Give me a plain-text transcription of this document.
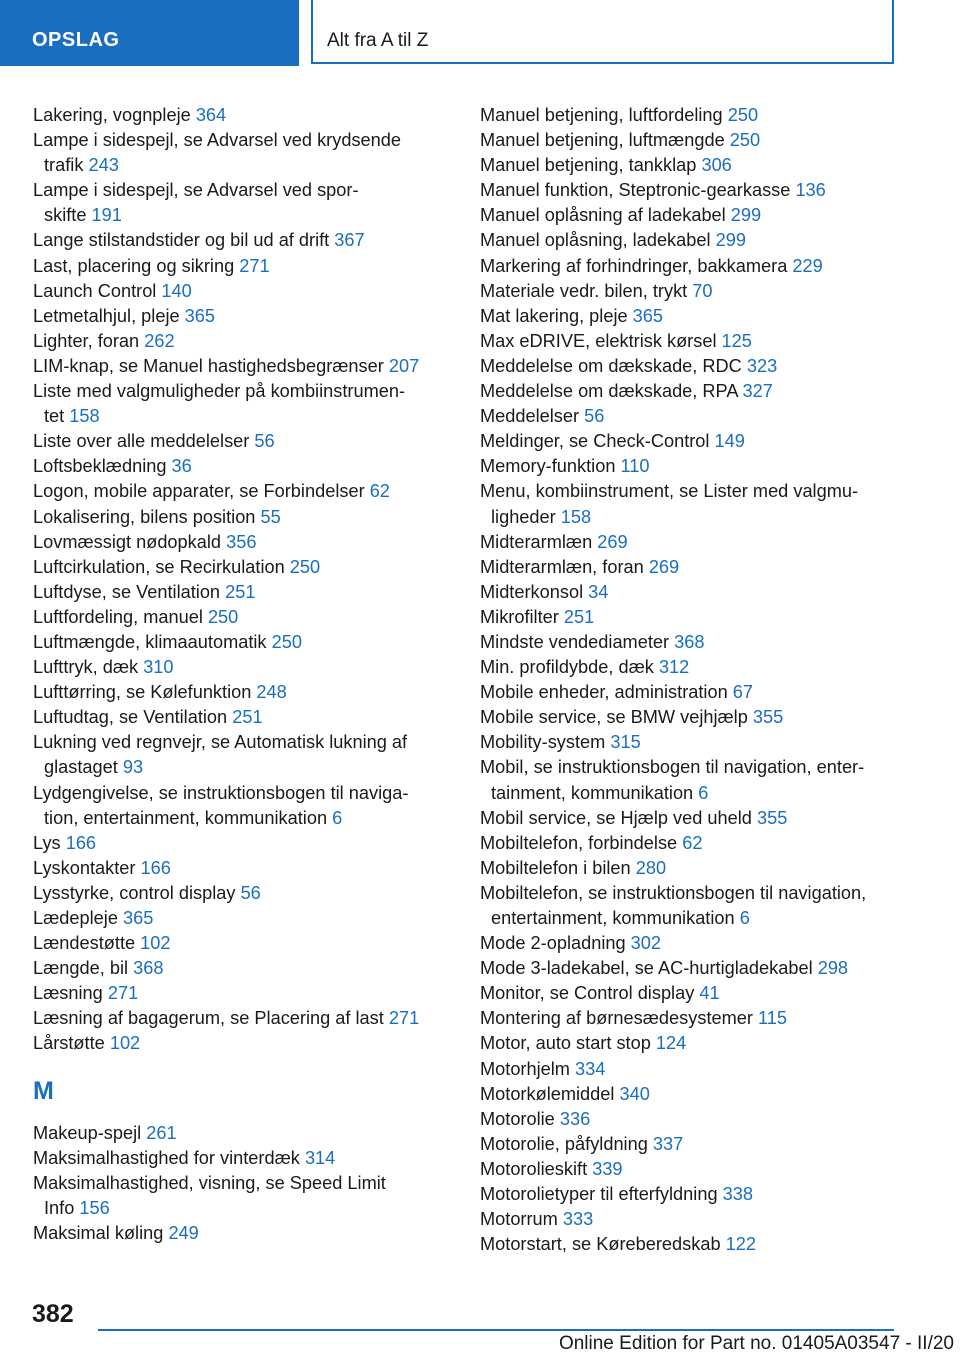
OPSLAG	Alt fra A til Z
Lakering, vognpleje 364
Lampe i sidespejl, se Advarsel ved krydsende
trafik 243
Lampe i sidespejl, se Advarsel ved spor-
skifte 191
Lange stilstandstider og bil ud af drift 367
Last, placering og sikring 271
Launch Control 140
Letmetalhjul, pleje 365
Lighter, foran 262
LIM-knap, se Manuel hastighedsbegrænser 207
Liste med valgmuligheder på kombiinstrumen-
tet 158
Liste over alle meddelelser 56
Loftsbeklædning 36
Logon, mobile apparater, se Forbindelser 62
Lokalisering, bilens position 55
Lovmæssigt nødopkald 356
Luftcirkulation, se Recirkulation 250
Luftdyse, se Ventilation 251
Luftfordeling, manuel 250
Luftmængde, klimaautomatik 250
Lufttryk, dæk 310
Lufttørring, se Kølefunktion 248
Luftudtag, se Ventilation 251
Lukning ved regnvejr, se Automatisk lukning af
glastaget 93
Lydgengivelse, se instruktionsbogen til naviga-
tion, entertainment, kommunikation 6
Lys 166
Lyskontakter 166
Lysstyrke, control display 56
Lædepleje 365
Lændestøtte 102
Længde, bil 368
Læsning 271
Læsning af bagagerum, se Placering af last 271
Lårstøtte 102
M
Makeup-spejl 261
Maksimalhastighed for vinterdæk 314
Maksimalhastighed, visning, se Speed Limit
Info 156
Maksimal køling 249
Manuel betjening, luftfordeling 250
Manuel betjening, luftmængde 250
Manuel betjening, tankklap 306
Manuel funktion, Steptronic-gearkasse 136
Manuel oplåsning af ladekabel 299
Manuel oplåsning, ladekabel 299
Markering af forhindringer, bakkamera 229
Materiale vedr. bilen, trykt 70
Mat lakering, pleje 365
Max eDRIVE, elektrisk kørsel 125
Meddelelse om dækskade, RDC 323
Meddelelse om dækskade, RPA 327
Meddelelser 56
Meldinger, se Check-Control 149
Memory-funktion 110
Menu, kombiinstrument, se Lister med valgmu-
ligheder 158
Midterarmlæn 269
Midterarmlæn, foran 269
Midterkonsol 34
Mikrofilter 251
Mindste vendediameter 368
Min. profildybde, dæk 312
Mobile enheder, administration 67
Mobile service, se BMW vejhjælp 355
Mobility-system 315
Mobil, se instruktionsbogen til navigation, enter-
tainment, kommunikation 6
Mobil service, se Hjælp ved uheld 355
Mobiltelefon, forbindelse 62
Mobiltelefon i bilen 280
Mobiltelefon, se instruktionsbogen til navigation,
entertainment, kommunikation 6
Mode 2-opladning 302
Mode 3-ladekabel, se AC-hurtigladekabel 298
Monitor, se Control display 41
Montering af børnesædesystemer 115
Motor, auto start stop 124
Motorhjelm 334
Motorkølemiddel 340
Motorolie 336
Motorolie, påfyldning 337
Motorolieskift 339
Motorolietyper til efterfyldning 338
Motorrum 333
Motorstart, se Køreberedskab 122
382
Online Edition for Part no. 01405A03547 - II/20
